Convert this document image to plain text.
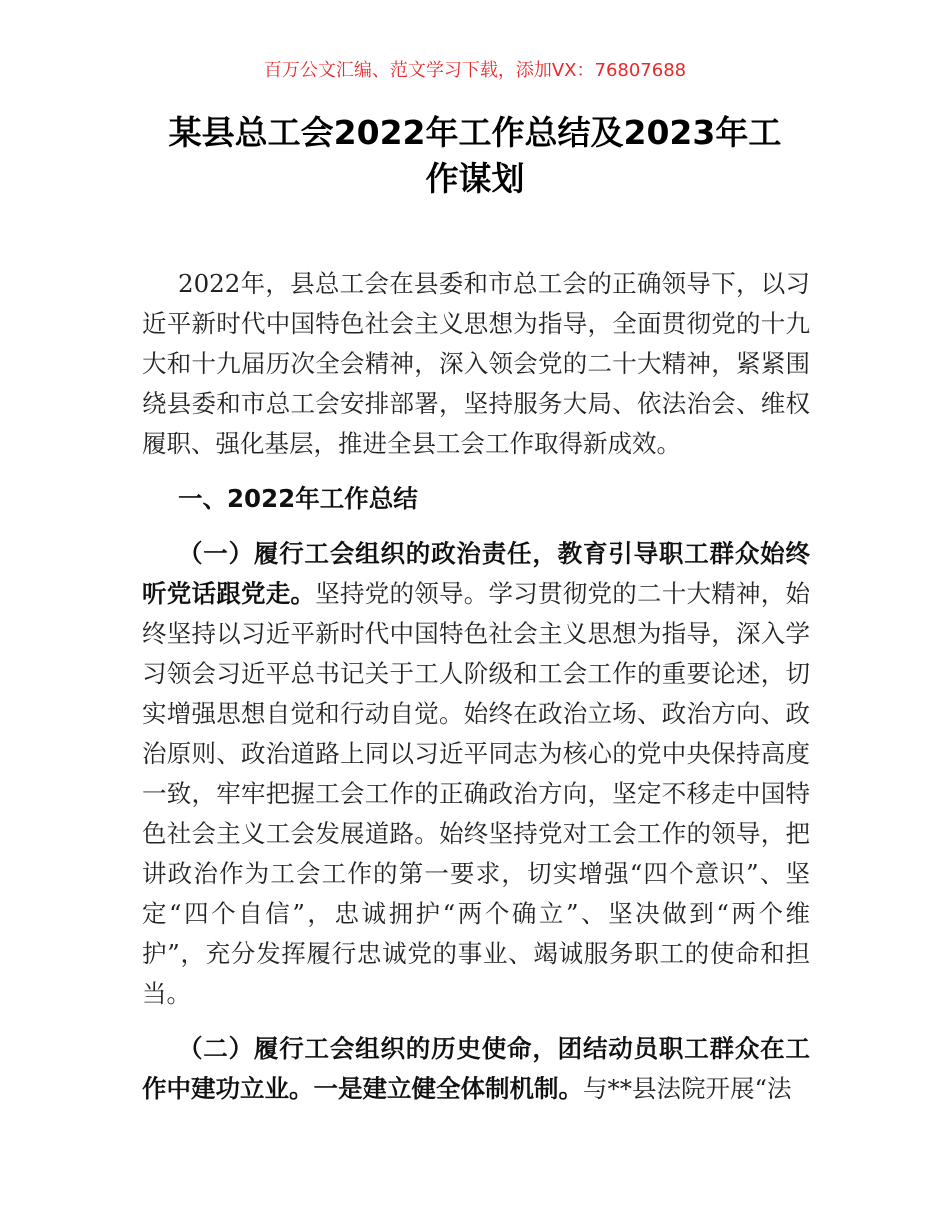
百万公文汇编、范文学习下载，添加VX：76807688
某县总工会2022年工作总结及2023年工
作谋划
2022年，县总工会在县委和市总工会的正确领导下，以习
近平新时代中国特色社会主义思想为指导，全面贯彻党的十九
大和十九届历次全会精神，深入领会党的二十大精神，紧紧围
绕县委和市总工会安排部署，坚持服务大局、依法治会、维权
履职、强化基层，推进全县工会工作取得新成效。
一、2022年工作总结
（一）履行工会组织的政治责任，教育引导职工群众始终
听党话跟党走。坚持党的领导。学习贯彻党的二十大精神，始
终坚持以习近平新时代中国特色社会主义思想为指导，深入学
习领会习近平总书记关于工人阶级和工会工作的重要论述，切
实增强思想自觉和行动自觉。始终在政治立场、政治方向、政
治原则、政治道路上同以习近平同志为核心的党中央保持高度
一致，牢牢把握工会工作的正确政治方向，坚定不移走中国特
色社会主义工会发展道路。始终坚持党对工会工作的领导，把
讲政治作为工会工作的第一要求，切实增强“四个意识”、坚
定“四个自信”，忠诚拥护“两个确立”、坚决做到“两个维
护”，充分发挥履行忠诚党的事业、竭诚服务职工的使命和担
当。
（二）履行工会组织的历史使命，团结动员职工群众在工
作中建功立业。一是建立健全体制机制。与**县法院开展“法
